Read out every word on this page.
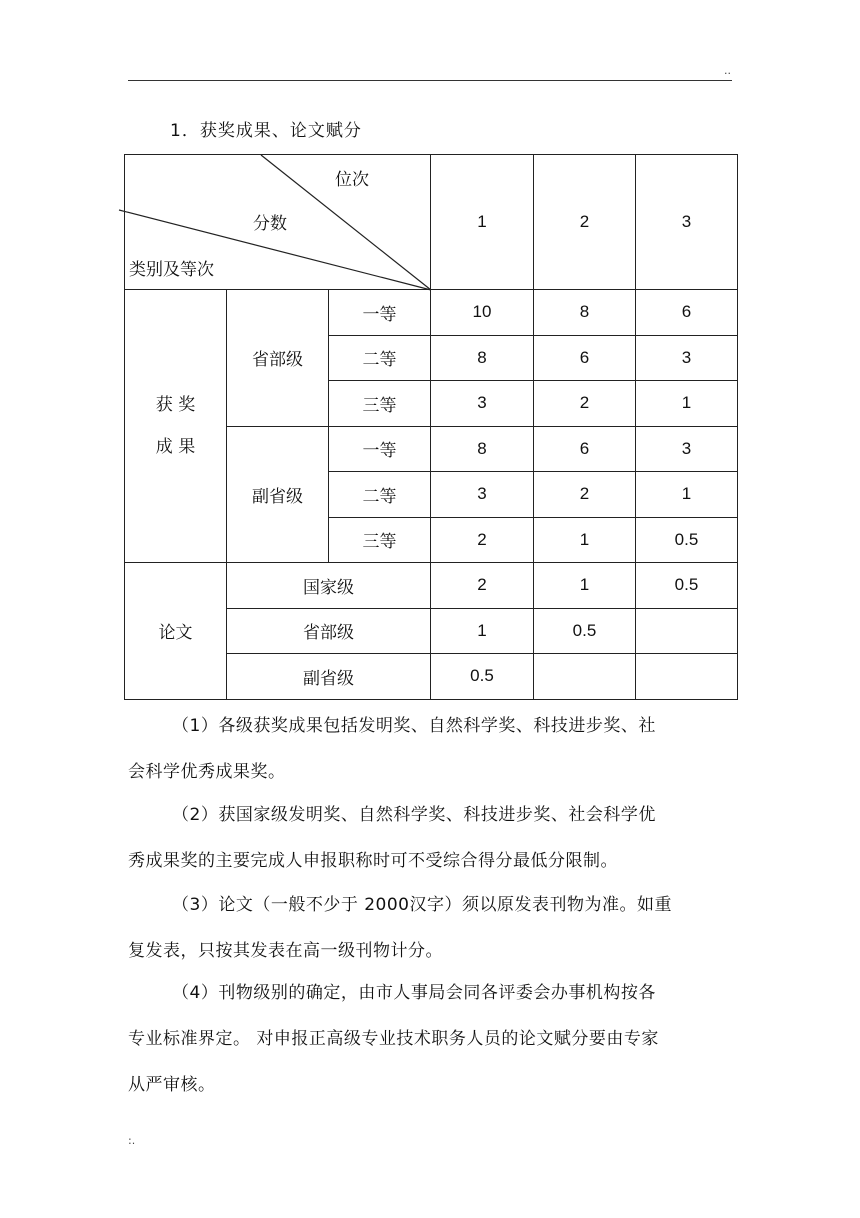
..
1．获奖成果、论文赋分
位次
分数
类别及等次
1	2	3
获 奖
成 果
省部级
一等	10	8	6
二等	8	6	3
三等	3	2	1
副省级
一等	8	6	3
二等	3	2	1
三等	2	1	0.5
论文
国家级	2	1	0.5
省部级	1	0.5
副省级	0.5
（1）各级获奖成果包括发明奖、自然科学奖、科技进步奖、社
会科学优秀成果奖。
（2）获国家级发明奖、自然科学奖、科技进步奖、社会科学优
秀成果奖的主要完成人申报职称时可不受综合得分最低分限制。
（3）论文（一般不少于 2000汉字）须以原发表刊物为准。如重
复发表，只按其发表在高一级刊物计分。
（4）刊物级别的确定，由市人事局会同各评委会办事机构按各
专业标准界定。 对申报正高级专业技术职务人员的论文赋分要由专家
从严审核。
:.
